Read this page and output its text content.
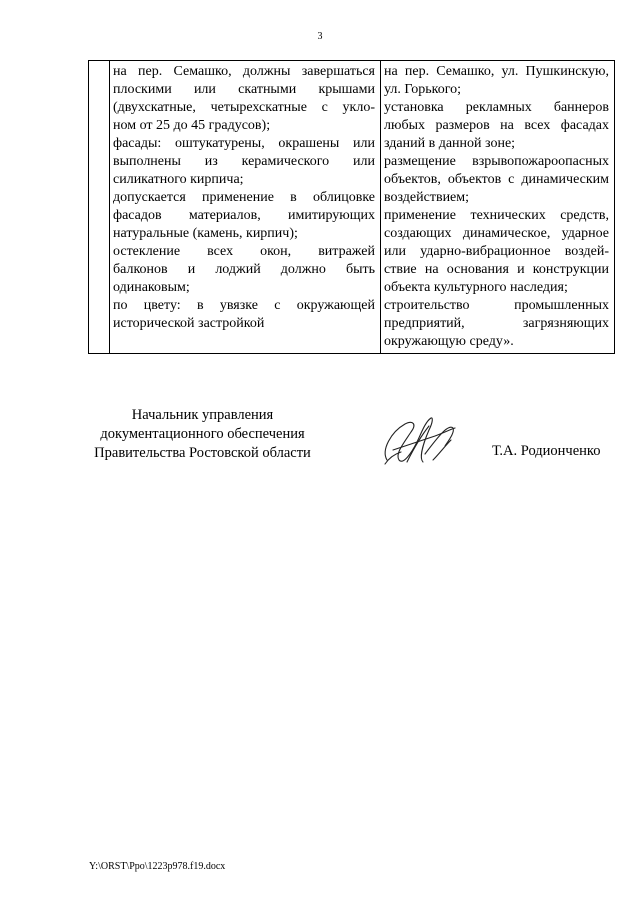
3

на пер. Семашко, должны завершаться
плоскими или скатными крышами
(двухскатные, четырехскатные с укло-
ном от 25 до 45 градусов);
фасады: оштукатурены, окрашены или
выполнены из керамического или
силикатного кирпича;
допускается применение в облицовке
фасадов материалов, имитирующих
натуральные (камень, кирпич);
остекление всех окон, витражей
балконов и лоджий должно быть
одинаковым;
по цвету: в увязке с окружающей
исторической застройкой

на пер. Семашко, ул. Пушкинскую,
ул. Горького;
установка рекламных баннеров
любых размеров на всех фасадах
зданий в данной зоне;
размещение взрывопожароопасных
объектов, объектов с динамическим
воздействием;
применение технических средств,
создающих динамическое, ударное
или ударно-вибрационное воздей-
ствие на основания и конструкции
объекта культурного наследия;
строительство промышленных
предприятий, загрязняющих
окружающую среду».
Начальник управления
документационного обеспечения
Правительства Ростовской области	Т.А. Родионченко
Y:\ORST\Ppo\1223p978.f19.docx
